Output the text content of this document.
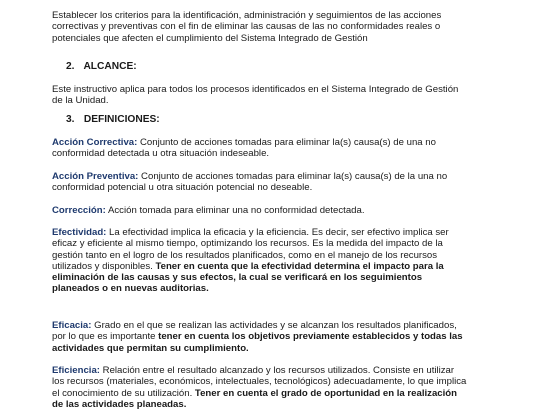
Establecer los criterios para la identificación, administración y seguimientos de las acciones
correctivas y preventivas con el fin de eliminar las causas de las no conformidades reales o
potenciales que afecten el cumplimiento del Sistema Integrado de Gestión
2. ALCANCE:
Este instructivo aplica para todos los procesos identificados en el Sistema Integrado de Gestión
de la Unidad.
3. DEFINICIONES:
Acción Correctiva: Conjunto de acciones tomadas para eliminar la(s) causa(s) de una no
conformidad detectada u otra situación indeseable.
Acción Preventiva: Conjunto de acciones tomadas para eliminar la(s) causa(s) de la una no
conformidad potencial u otra situación potencial no deseable.
Corrección: Acción tomada para eliminar una no conformidad detectada.
Efectividad: La efectividad implica la eficacia y la eficiencia. Es decir, ser efectivo implica ser
eficaz y eficiente al mismo tiempo, optimizando los recursos. Es la medida del impacto de la
gestión tanto en el logro de los resultados planificados, como en el manejo de los recursos
utilizados y disponibles. Tener en cuenta que la efectividad determina el impacto para la
eliminación de las causas y sus efectos, la cual se verificará en los seguimientos
planeados o en nuevas auditorias.
Eficacia: Grado en el que se realizan las actividades y se alcanzan los resultados planificados,
por lo que es importante tener en cuenta los objetivos previamente establecidos y todas las
actividades que permitan su cumplimiento.
Eficiencia: Relación entre el resultado alcanzado y los recursos utilizados. Consiste en utilizar
los recursos (materiales, económicos, intelectuales, tecnológicos) adecuadamente, lo que implica
el conocimiento de su utilización. Tener en cuenta el grado de oportunidad en la realización
de las actividades planeadas.
